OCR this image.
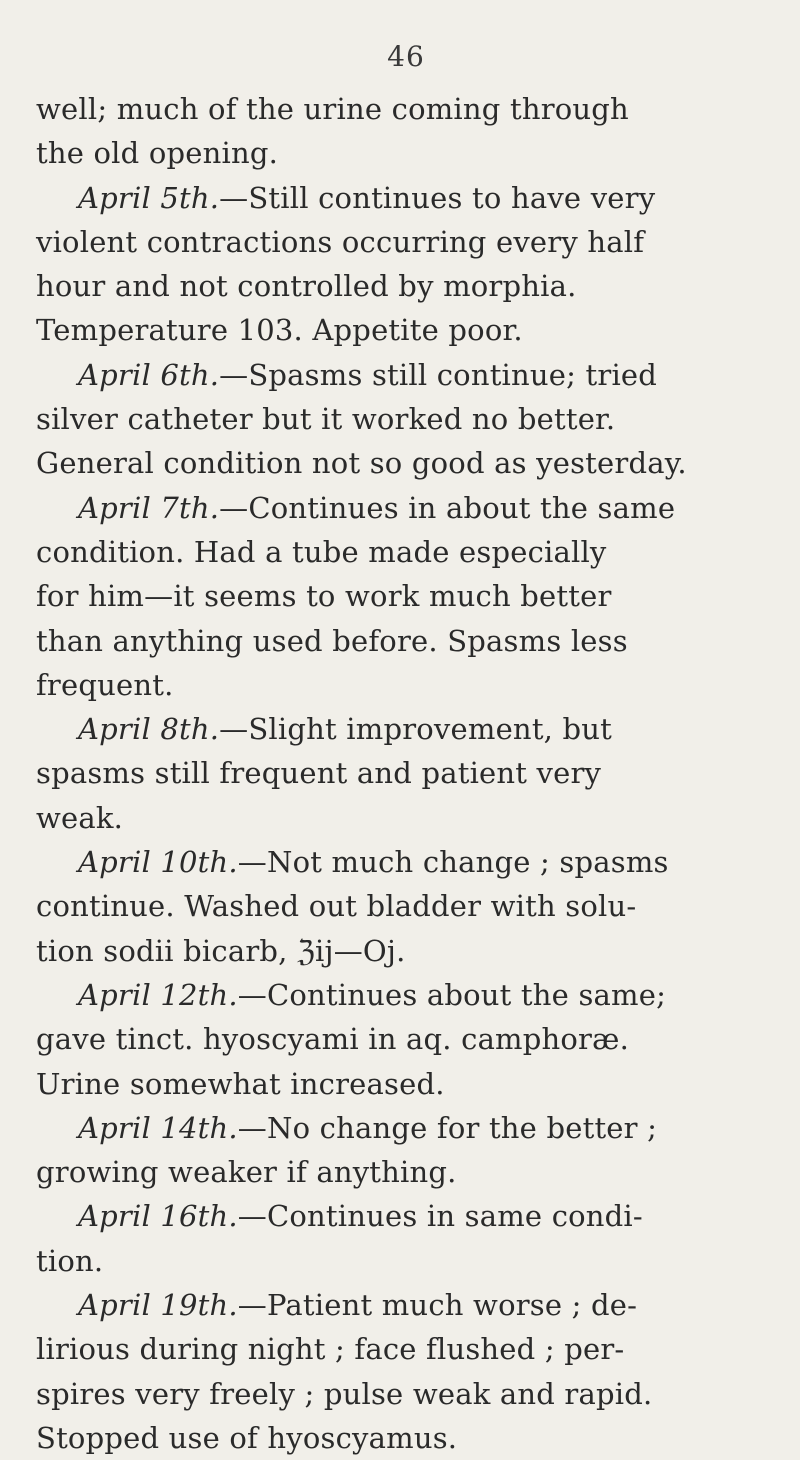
46
well; much of the urine coming through
the old opening.
April 5th.—Still continues to have very
violent contractions occurring every half
hour and not controlled by morphia.
Temperature 103. Appetite poor.
April 6th.—Spasms still continue; tried
silver catheter but it worked no better.
General condition not so good as yesterday.
April 7th.—Continues in about the same
condition. Had a tube made especially
for him—it seems to work much better
than anything used before. Spasms less
frequent.
April 8th.—Slight improvement, but
spasms still frequent and patient very
weak.
April 10th.—Not much change ; spasms
continue. Washed out bladder with solu-
tion sodii bicarb, ℨij—Oj.
April 12th.—Continues about the same;
gave tinct. hyoscyami in aq. camphoræ.
Urine somewhat increased.
April 14th.—No change for the better ;
growing weaker if anything.
April 16th.—Continues in same condi-
tion.
April 19th.—Patient much worse ; de-
lirious during night ; face flushed ; per-
spires very freely ; pulse weak and rapid.
Stopped use of hyoscyamus.
